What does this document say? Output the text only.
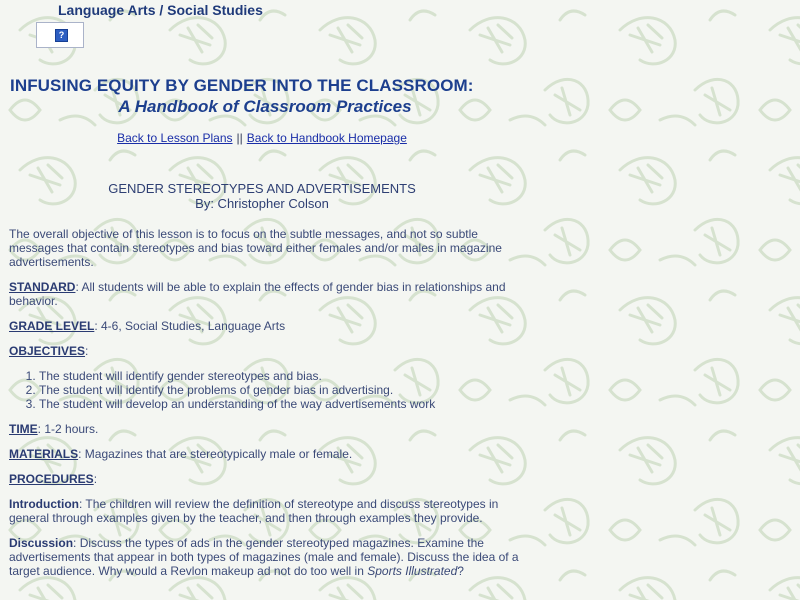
Language Arts / Social Studies
?
INFUSING EQUITY BY GENDER INTO THE CLASSROOM:
A Handbook of Classroom Practices
Back to Lesson Plans || Back to Handbook Homepage
GENDER STEREOTYPES AND ADVERTISEMENTS
By: Christopher Colson

The overall objective of this lesson is to focus on the subtle messages, and not so subtle messages that contain stereotypes and bias toward either females and/or males in magazine advertisements.

STANDARD: All students will be able to explain the effects of gender bias in relationships and behavior.

GRADE LEVEL: 4-6, Social Studies, Language Arts

OBJECTIVES:

1. The student will identify gender stereotypes and bias.
2. The student will identify the problems of gender bias in advertising.
3. The student will develop an understanding of the way advertisements work

TIME: 1-2 hours.

MATERIALS: Magazines that are stereotypically male or female.

PROCEDURES:

Introduction: The children will review the definition of stereotype and discuss stereotypes in general through examples given by the teacher, and then through examples they provide.

Discussion: Discuss the types of ads in the gender stereotyped magazines. Examine the advertisements that appear in both types of magazines (male and female). Discuss the idea of a target audience. Why would a Revlon makeup ad not do too well in Sports Illustrated?
